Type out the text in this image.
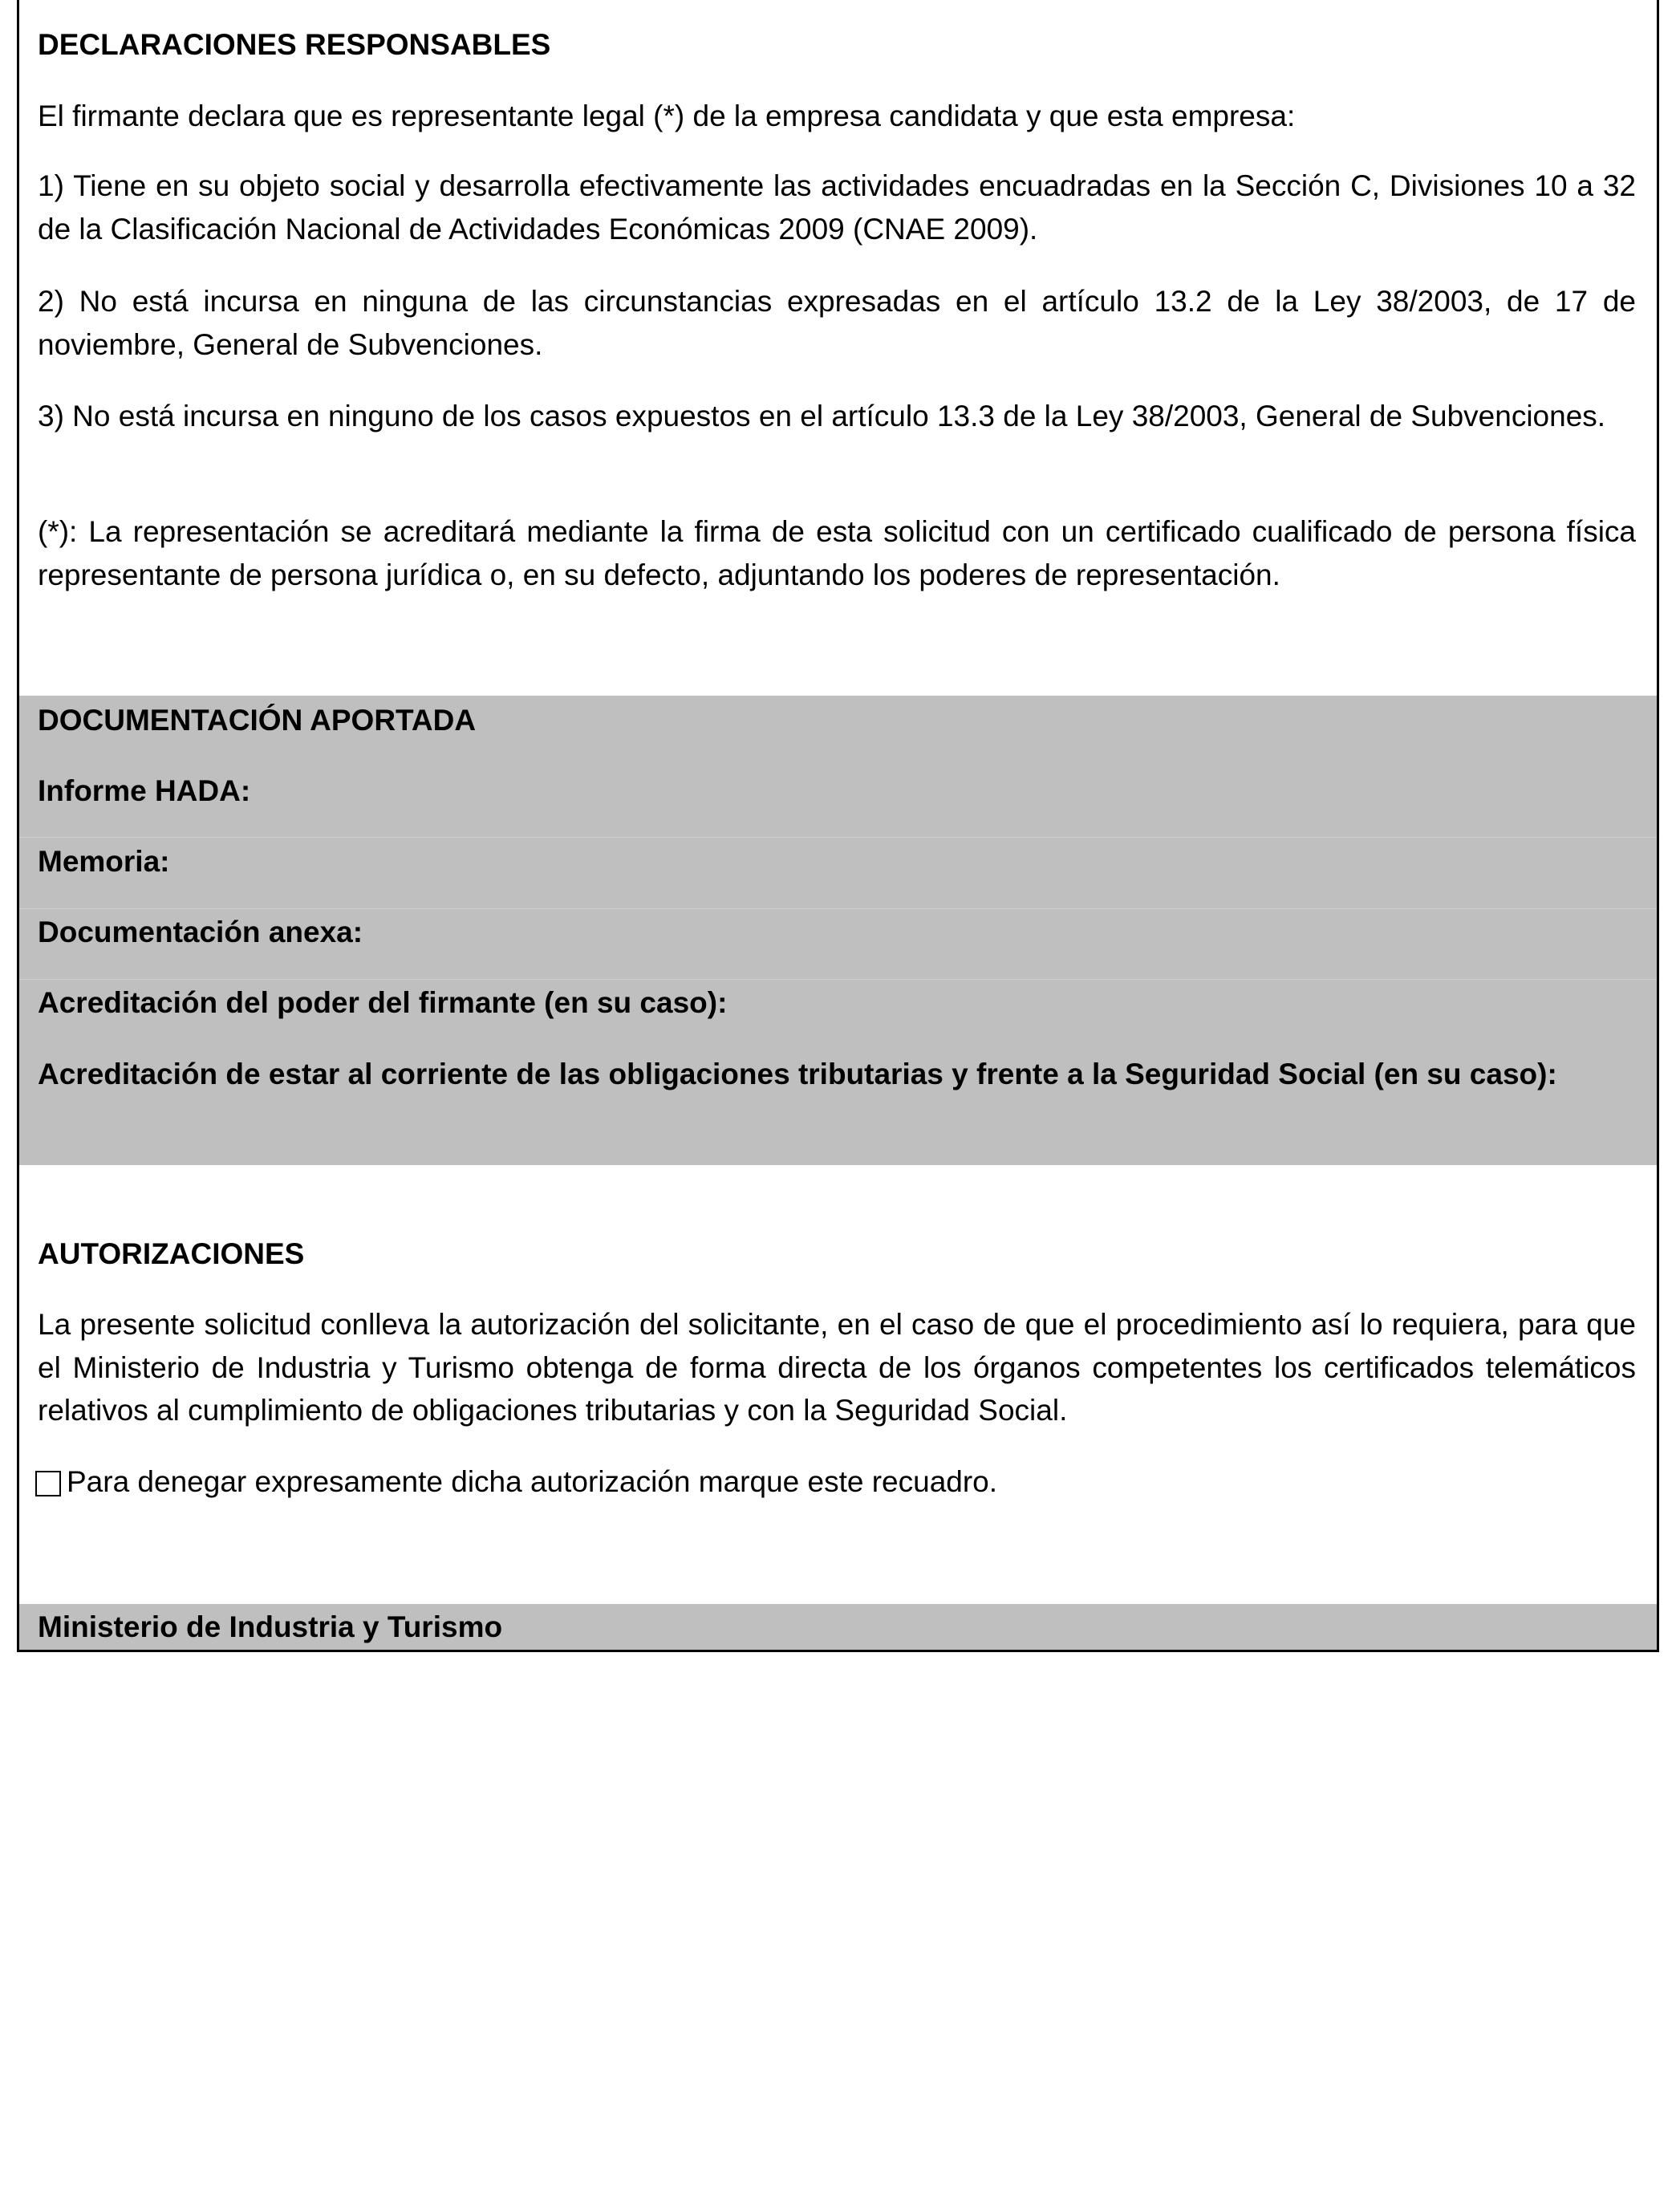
DECLARACIONES RESPONSABLES
El firmante declara que es representante legal (*) de la empresa candidata y que esta empresa:
1) Tiene en su objeto social y desarrolla efectivamente las actividades encuadradas en la Sección C, Divisiones 10 a 32 de la Clasificación Nacional de Actividades Económicas 2009 (CNAE 2009).
2) No está incursa en ninguna de las circunstancias expresadas en el artículo 13.2 de la Ley 38/2003, de 17 de noviembre, General de Subvenciones.
3) No está incursa en ninguno de los casos expuestos en el artículo 13.3 de la Ley 38/2003, General de Subvenciones.
(*): La representación se acreditará mediante la firma de esta solicitud con un certificado cualificado de persona física representante de persona jurídica o, en su defecto, adjuntando los poderes de representación.
DOCUMENTACIÓN APORTADA
Informe HADA:
Memoria:
Documentación anexa:
Acreditación del poder del firmante (en su caso):
Acreditación de estar al corriente de las obligaciones tributarias y frente a la Seguridad Social (en su caso):
AUTORIZACIONES
La presente solicitud conlleva la autorización del solicitante, en el caso de que el procedimiento así lo requiera, para que el Ministerio de Industria y Turismo obtenga de forma directa de los órganos competentes los certificados telemáticos relativos al cumplimiento de obligaciones tributarias y con la Seguridad Social.
Para denegar expresamente dicha autorización marque este recuadro.
Ministerio de Industria y Turismo
